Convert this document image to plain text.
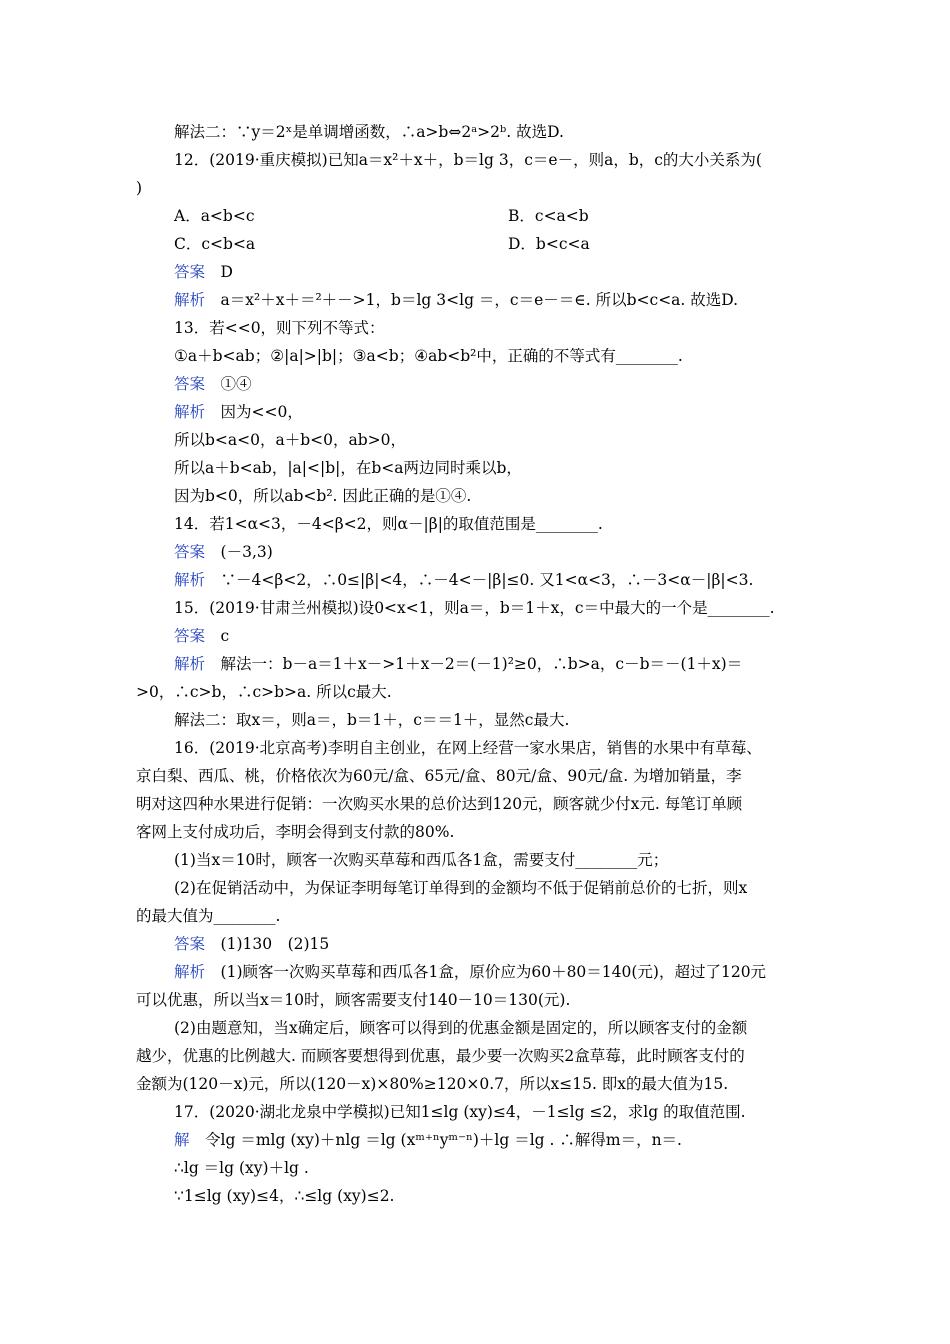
解法二：∵y＝2ˣ是单调增函数，∴a>b⇔2ᵃ>2ᵇ. 故选D.
12．(2019·重庆模拟)已知a＝x²＋x＋，b＝lg 3，c＝e－，则a，b，c的大小关系为(
)
A．a<b<c	B．c<a<b
C．c<b<a	D．b<c<a
答案　 D
解析　 a＝x²＋x＋＝²＋－>1，b＝lg 3<lg ＝，c＝e－＝∈. 所以b<c<a. 故选D.
13．若<<0，则下列不等式：
①a＋b<ab；②|a|>|b|；③a<b；④ab<b²中，正确的不等式有________.
答案　 ①④
解析　 因为<<0，
所以b<a<0，a＋b<0，ab>0，
所以a＋b<ab，|a|<|b|，在b<a两边同时乘以b，
因为b<0，所以ab<b². 因此正确的是①④.
14．若1<α<3，－4<β<2，则α－|β|的取值范围是________.
答案　 (－3,3)
解析　 ∵－4<β<2，∴0≤|β|<4，∴－4<－|β|≤0. 又1<α<3，∴－3<α－|β|<3.
15．(2019·甘肃兰州模拟)设0<x<1，则a＝，b＝1＋x，c＝中最大的一个是________.
答案　 c
解析　 解法一：b－a＝1＋x－>1＋x－2＝(－1)²≥0，∴b>a，c－b＝－(1＋x)＝
>0，∴c>b，∴c>b>a. 所以c最大.
解法二：取x＝，则a＝，b＝1＋，c＝＝1＋，显然c最大.
16．(2019·北京高考)李明自主创业，在网上经营一家水果店，销售的水果中有草莓、
京白梨、西瓜、桃，价格依次为60元/盒、65元/盒、80元/盒、90元/盒. 为增加销量，李
明对这四种水果进行促销：一次购买水果的总价达到120元，顾客就少付x元. 每笔订单顾
客网上支付成功后，李明会得到支付款的80%.
(1)当x＝10时，顾客一次购买草莓和西瓜各1盒，需要支付________元；
(2)在促销活动中，为保证李明每笔订单得到的金额均不低于促销前总价的七折，则x
的最大值为________.
答案　 (1)130　(2)15
解析　 (1)顾客一次购买草莓和西瓜各1盒，原价应为60＋80＝140(元)，超过了120元
可以优惠，所以当x＝10时，顾客需要支付140－10＝130(元).
(2)由题意知，当x确定后，顾客可以得到的优惠金额是固定的，所以顾客支付的金额
越少，优惠的比例越大. 而顾客要想得到优惠，最少要一次购买2盒草莓，此时顾客支付的
金额为(120－x)元，所以(120－x)×80%≥120×0.7，所以x≤15. 即x的最大值为15.
17．(2020·湖北龙泉中学模拟)已知1≤lg (xy)≤4，－1≤lg ≤2，求lg 的取值范围.
解　 令lg ＝mlg (xy)＋nlg ＝lg (xᵐ⁺ⁿyᵐ⁻ⁿ)＋lg ＝lg . ∴解得m＝，n＝.
∴lg ＝lg (xy)＋lg .
∵1≤lg (xy)≤4，∴≤lg (xy)≤2.
